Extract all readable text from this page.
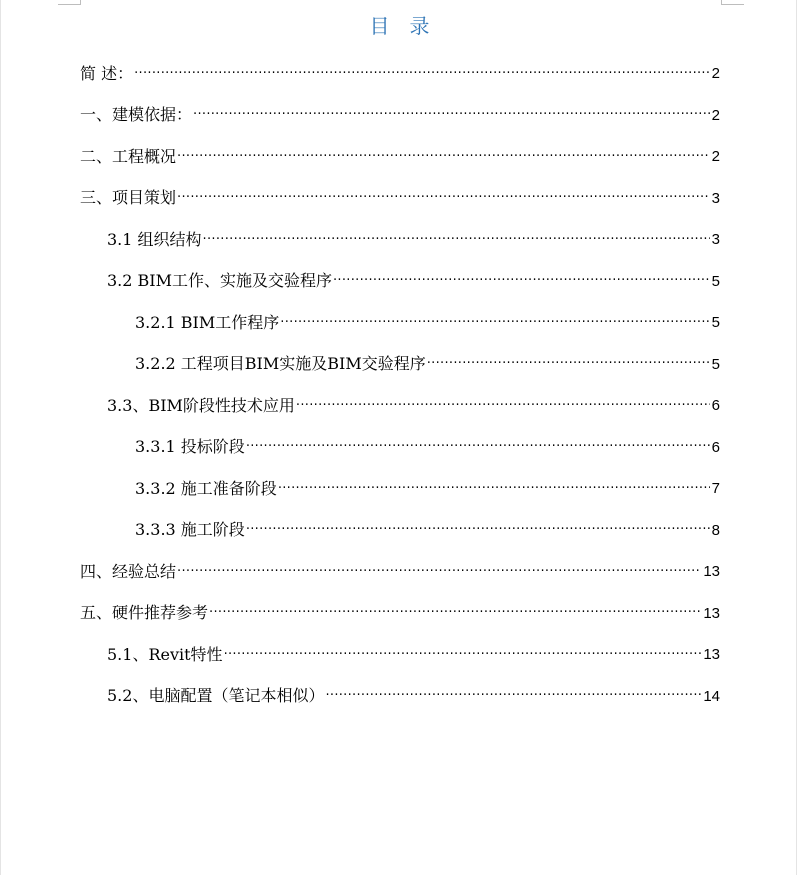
目　录
简 述： .....	2
一、建模依据： .....	2
二、工程概况 .....	2
三、项目策划 .....	3
3.1 组织结构 .....	3
3.2 BIM工作、实施及交验程序 .....	5
3.2.1 BIM工作程序 .....	5
3.2.2 工程项目BIM实施及BIM交验程序 .....	5
3.3、BIM阶段性技术应用 .....	6
3.3.1 投标阶段 .....	6
3.3.2 施工准备阶段 .....	7
3.3.3 施工阶段 .....	8
四、经验总结 .....	13
五、硬件推荐参考 .....	13
5.1、Revit特性 .....	13
5.2、电脑配置（笔记本相似） .....	14
